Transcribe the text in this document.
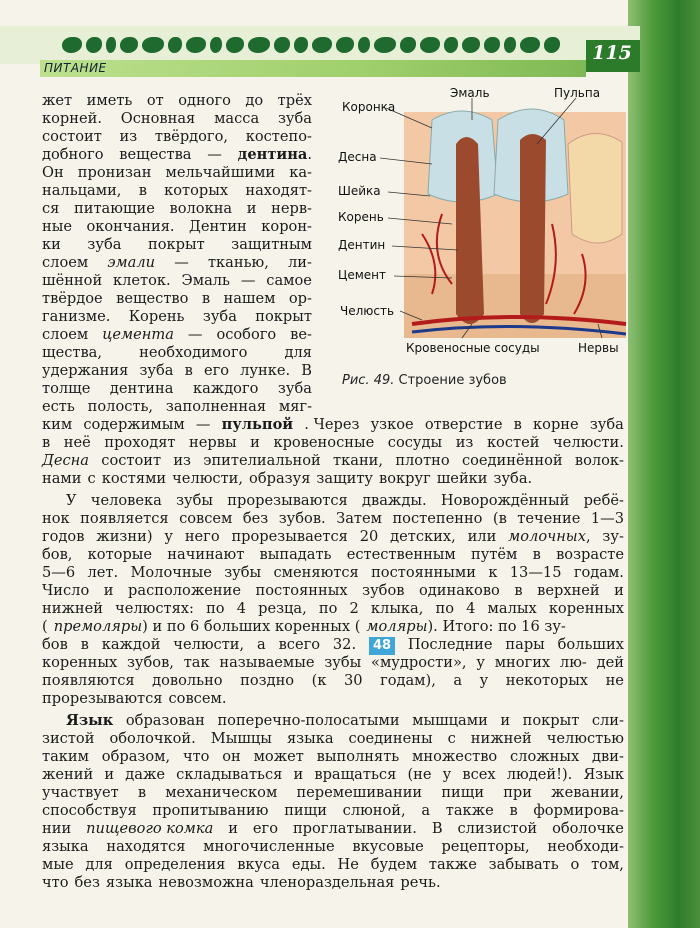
115
ПИТАНИЕ
Коронка
Эмаль	Пульпа
Десна
Шейка
Корень
Дентин
Цемент
Челюсть
Кровеносные сосуды	Нервы
Рис. 49. Строение зубов
жет иметь от одного до трёх
корней. Основная масса зуба
состоит из твёрдого, костепо-
добного вещества — дентина.
Он пронизан мельчайшими ка-
нальцами, в которых находят-
ся питающие волокна и нерв-
ные окончания. Дентин корон-
ки зуба покрыт защитным
слоем эмали — тканью, ли-
шённой клеток. Эмаль — самое
твёрдое вещество в нашем ор-
ганизме. Корень зуба покрыт
слоем цемента — особого ве-
щества,	необходимого	для
удержания зуба в его лунке. В
толще дентина каждого зуба
есть полость, заполненная мяг-
ким содержимым — пульпой . Через узкое отверстие в корне зуба
в неё проходят нервы и кровеносные сосуды из костей челюсти.
Десна состоит из эпителиальной ткани, плотно соединённой волок-
нами с костями челюсти, образуя защиту вокруг шейки зуба.
У человека зубы прорезываются дважды. Новорождённый ребё-
нок появляется совсем без зубов. Затем постепенно (в течение 1—3
годов жизни) у него прорезывается 20 детских, или молочных, зу-
бов, которые начинают выпадать естественным путём в возрасте
5—6 лет. Молочные зубы сменяются постоянными к 13—15 годам.
Число и расположение постоянных зубов одинаково в верхней и
нижней челюстях: по 4 резца, по 2 клыка, по 4 малых коренных
( премоляры) и по 6 больших коренных ( моляры). Итого: по 16 зу-
бов в каждой челюсти, а всего 32.	48 Последние пары больших
коренных зубов, так называемые зубы «мудрости», у многих лю- дей
появляются довольно поздно (к 30 годам), а у некоторых не
прорезываются совсем.
Язык образован поперечно-полосатыми мышцами и покрыт сли-
зистой оболочкой. Мышцы языка соединены с нижней челюстью
таким образом, что он может выполнять множество сложных дви-
жений и даже складываться и вращаться (не у всех людей!). Язык
участвует в механическом перемешивании пищи при жевании,
способствуя пропитыванию пищи слюной, а также в формирова-
нии пищевого комка и его проглатывании. В слизистой оболочке
языка находятся многочисленные вкусовые рецепторы, необходи-
мые для определения вкуса еды. Не будем также забывать о том,
что без языка невозможна членораздельная речь.
